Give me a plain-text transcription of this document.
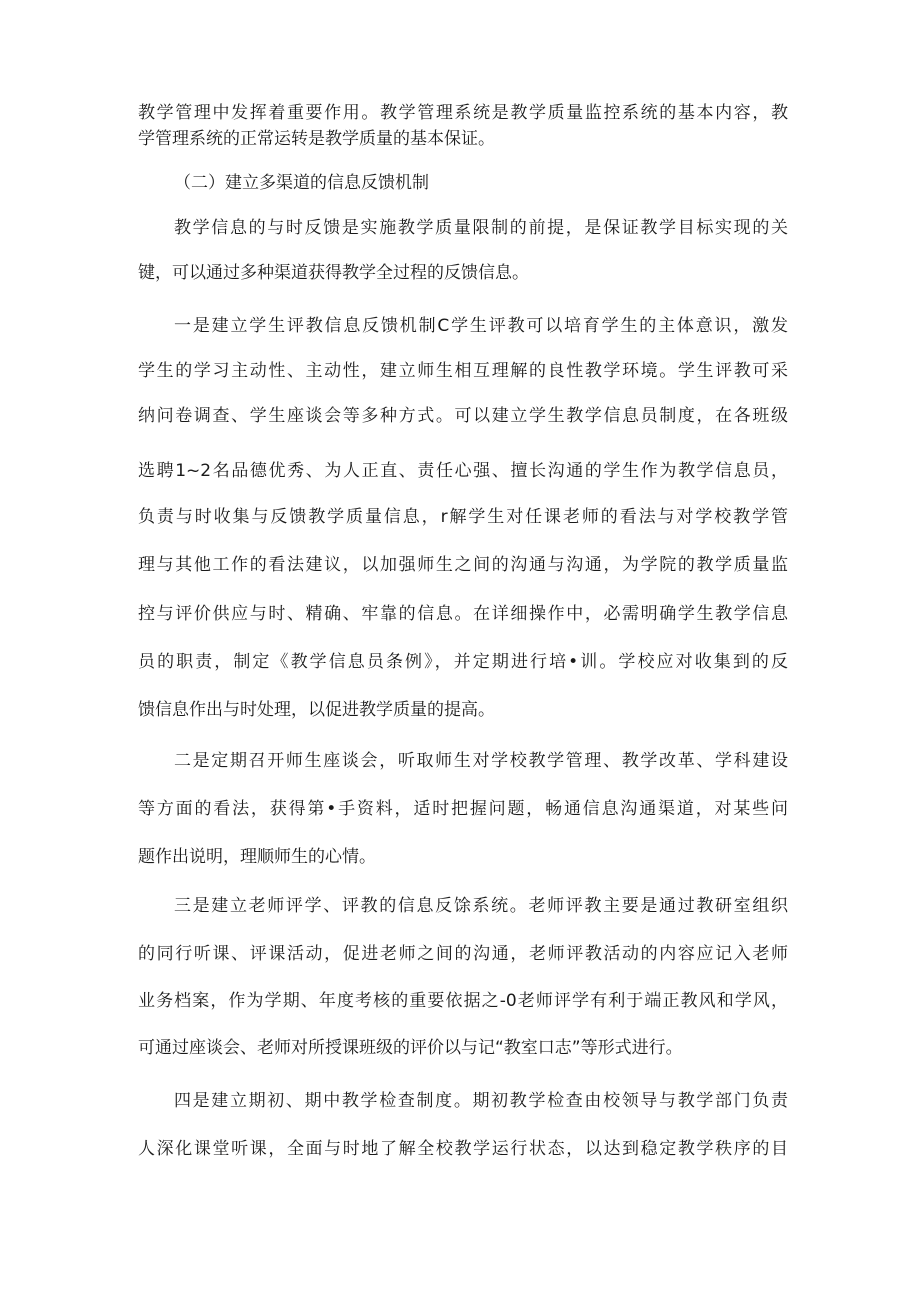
教学管理中发挥着重要作用。教学管理系统是教学质量监控系统的基本内容，教
学管理系统的正常运转是教学质量的基本保证。
（二）建立多渠道的信息反馈机制
教学信息的与时反馈是实施教学质量限制的前提，是保证教学目标实现的关
键，可以通过多种渠道获得教学全过程的反馈信息。
一是建立学生评教信息反馈机制C学生评教可以培育学生的主体意识，激发
学生的学习主动性、主动性，建立师生相互理解的良性教学环境。学生评教可采
纳问卷调查、学生座谈会等多种方式。可以建立学生教学信息员制度，在各班级
选聘1~2名品德优秀、为人正直、责任心强、擅长沟通的学生作为教学信息员，
负责与时收集与反馈教学质量信息，r解学生对任课老师的看法与对学校教学管
理与其他工作的看法建议，以加强师生之间的沟通与沟通，为学院的教学质量监
控与评价供应与时、精确、牢靠的信息。在详细操作中，必需明确学生教学信息
员的职责，制定《教学信息员条例》，并定期进行培•训。学校应对收集到的反
馈信息作出与时处理，以促进教学质量的提高。
二是定期召开师生座谈会，听取师生对学校教学管理、教学改革、学科建设
等方面的看法，获得第•手资料，适时把握问题，畅通信息沟通渠道，对某些问
题作出说明，理顺师生的心情。
三是建立老师评学、评教的信息反馀系统。老师评教主要是通过教研室组织
的同行听课、评课活动，促进老师之间的沟通，老师评教活动的内容应记入老师
业务档案，作为学期、年度考核的重要依据之-0老师评学有利于端正教风和学风，
可通过座谈会、老师对所授课班级的评价以与记“教室口志”等形式进行。
四是建立期初、期中教学检查制度。期初教学检查由校领导与教学部门负责
人深化课堂听课，全面与时地了解全校教学运行状态，以达到稳定教学秩序的目
